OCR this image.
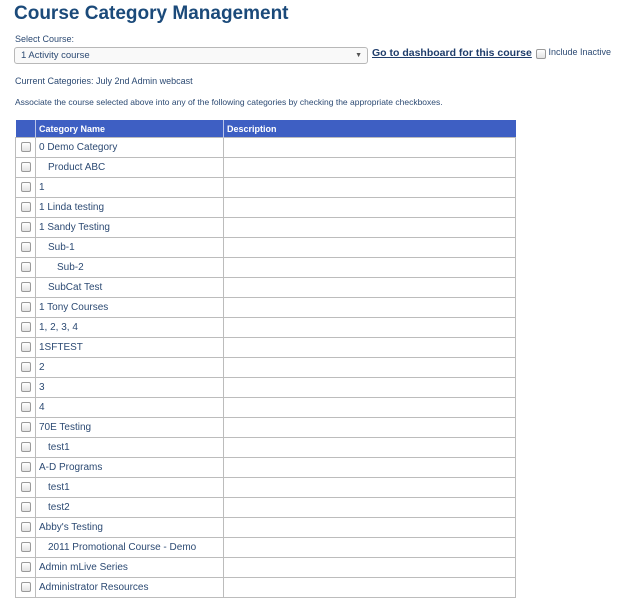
Course Category Management
Select Course:
1 Activity course	▼ Go to dashboard for this course	Include Inactive
Current Categories: July 2nd Admin webcast
Associate the course selected above into any of the following categories by checking the appropriate checkboxes.
	Category Name	Description
	0 Demo Category	
	Product ABC	
	1	
	1 Linda testing	
	1 Sandy Testing	
	Sub-1	
	Sub-2	
	SubCat Test	
	1 Tony Courses	
	1, 2, 3, 4	
	1SFTEST	
	2	
	3	
	4	
	70E Testing	
	test1	
	A-D Programs	
	test1	
	test2	
	Abby's Testing	
	2011 Promotional Course - Demo	
	Admin mLive Series	
	Administrator Resources	
